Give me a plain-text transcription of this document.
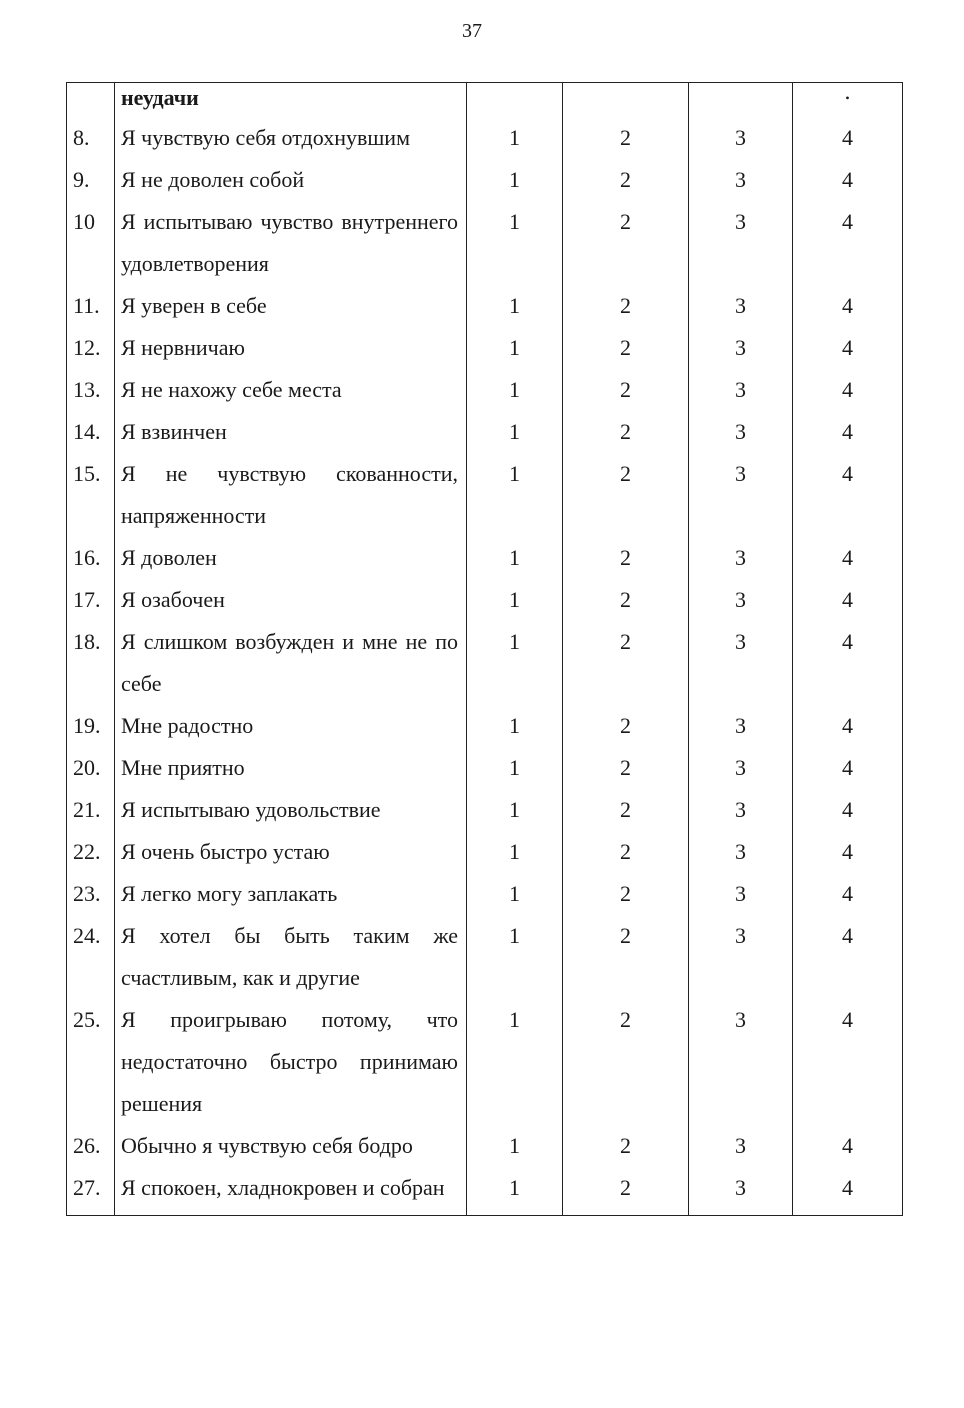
37
	неудачи				•
8.	Я чувствую себя отдохнувшим	1	2	3	4
9.	Я не доволен собой	1	2	3	4
10	Я испытываю чувство внутреннего удовлетворения	1	2	3	4
11.	Я уверен в себе	1	2	3	4
12.	Я нервничаю	1	2	3	4
13.	Я не нахожу себе места	1	2	3	4
14.	Я взвинчен	1	2	3	4
15.	Я не чувствую скованности, напряженности	1	2	3	4
16.	Я доволен	1	2	3	4
17.	Я озабочен	1	2	3	4
18.	Я слишком возбужден и мне не по себе	1	2	3	4
19.	Мне радостно	1	2	3	4
20.	Мне приятно	1	2	3	4
21.	Я испытываю удовольствие	1	2	3	4
22.	Я очень быстро устаю	1	2	3	4
23.	Я легко могу заплакать	1	2	3	4
24.	Я хотел бы быть таким же счастливым, как и другие	1	2	3	4
25.	Я проигрываю потому, что недостаточно быстро принимаю решения	1	2	3	4
26.	Обычно я чувствую себя бодро	1	2	3	4
27.	Я спокоен, хладнокровен и собран	1	2	3	4
